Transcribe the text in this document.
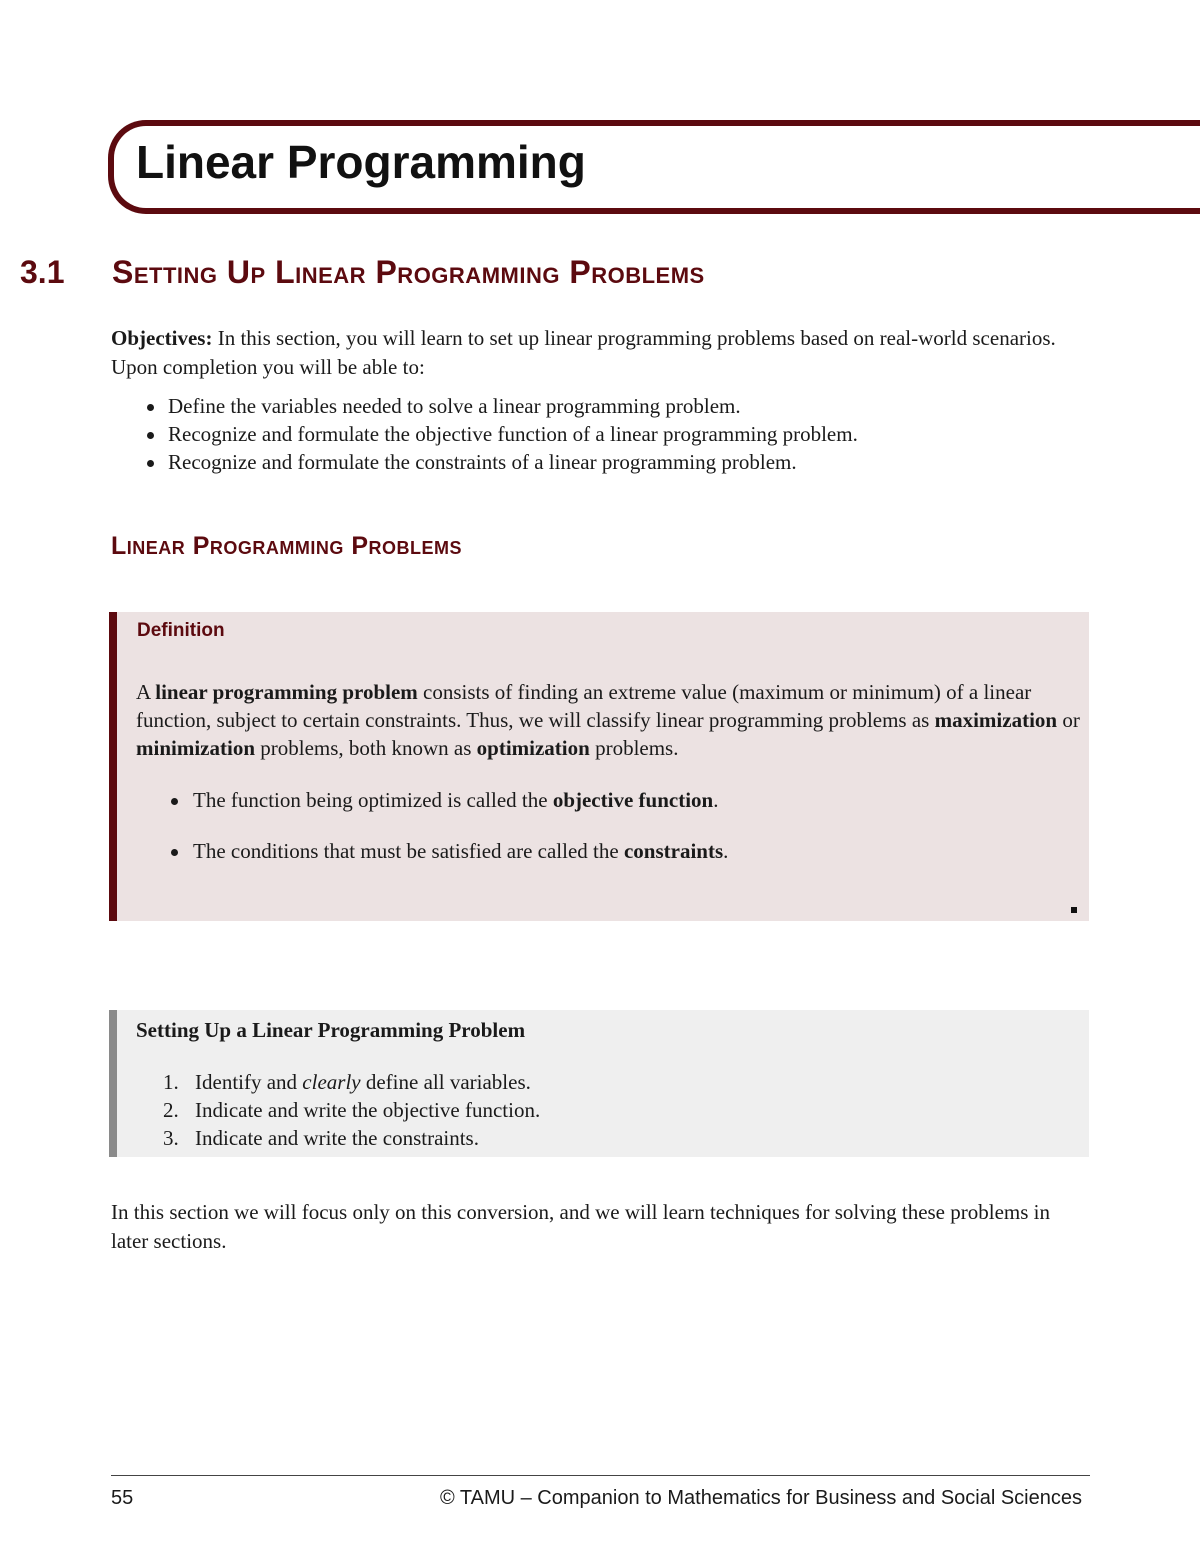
Linear Programming
3.1 Setting Up Linear Programming Problems

Objectives: In this section, you will learn to set up linear programming problems based on real-world scenarios. Upon completion you will be able to:

Define the variables needed to solve a linear programming problem.
Recognize and formulate the objective function of a linear programming problem.
Recognize and formulate the constraints of a linear programming problem.
Linear Programming Problems

Definition

A linear programming problem consists of finding an extreme value (maximum or minimum) of a linear function, subject to certain constraints. Thus, we will classify linear programming problems as maximization or minimization problems, both known as optimization problems.

The function being optimized is called the objective function.
The conditions that must be satisfied are called the constraints.

Setting Up a Linear Programming Problem

1. Identify and clearly define all variables.
2. Indicate and write the objective function.
3. Indicate and write the constraints.

In this section we will focus only on this conversion, and we will learn techniques for solving these problems in later sections.

55	© TAMU – Companion to Mathematics for Business and Social Sciences
